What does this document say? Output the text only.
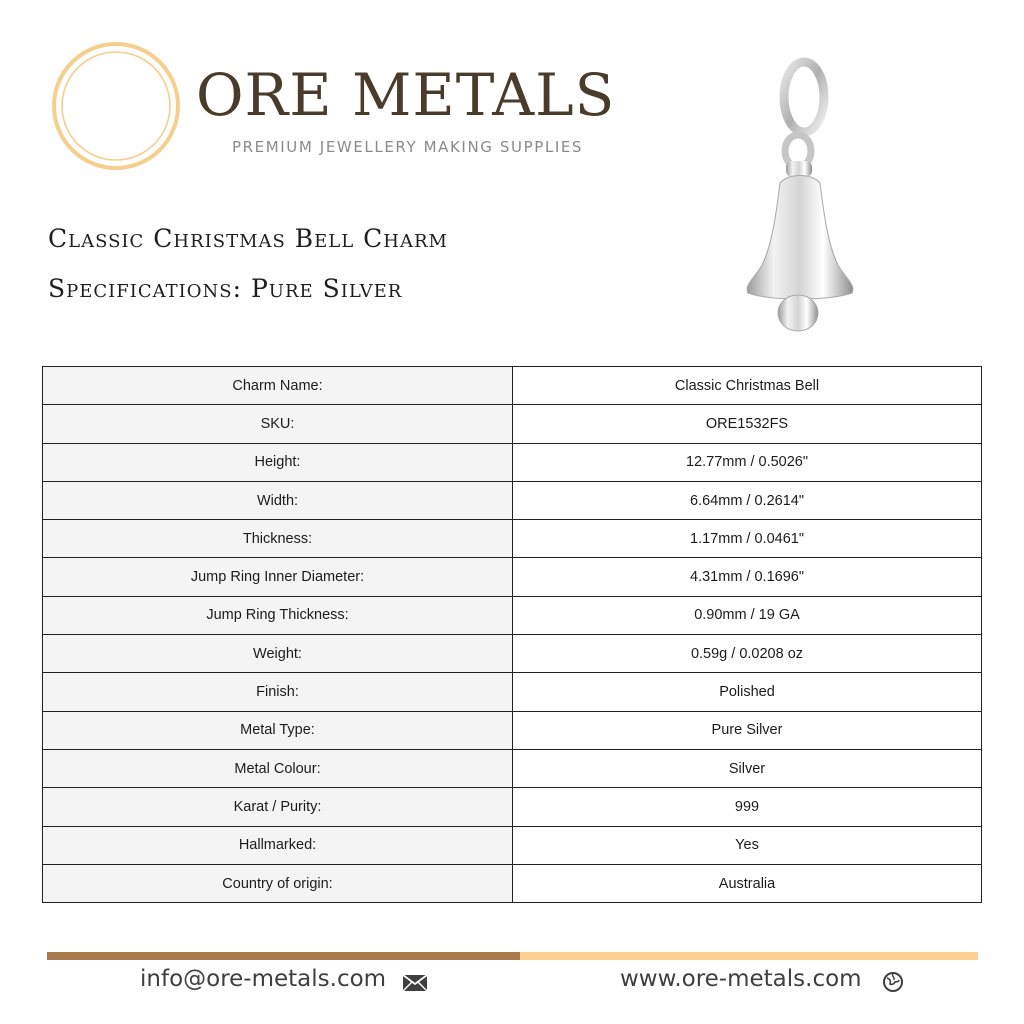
ORE METALS
PREMIUM JEWELLERY MAKING SUPPLIES
Classic Christmas Bell Charm
Specifications: Pure Silver
Charm Name:	Classic Christmas Bell
SKU:	ORE1532FS
Height:	12.77mm / 0.5026"
Width:	6.64mm / 0.2614"
Thickness:	1.17mm / 0.0461"
Jump Ring Inner Diameter:	4.31mm / 0.1696"
Jump Ring Thickness:	0.90mm / 19 GA
Weight:	0.59g / 0.0208 oz
Finish:	Polished
Metal Type:	Pure Silver
Metal Colour:	Silver
Karat / Purity:	999
Hallmarked:	Yes
Country of origin:	Australia
info@ore-metals.com	www.ore-metals.com
